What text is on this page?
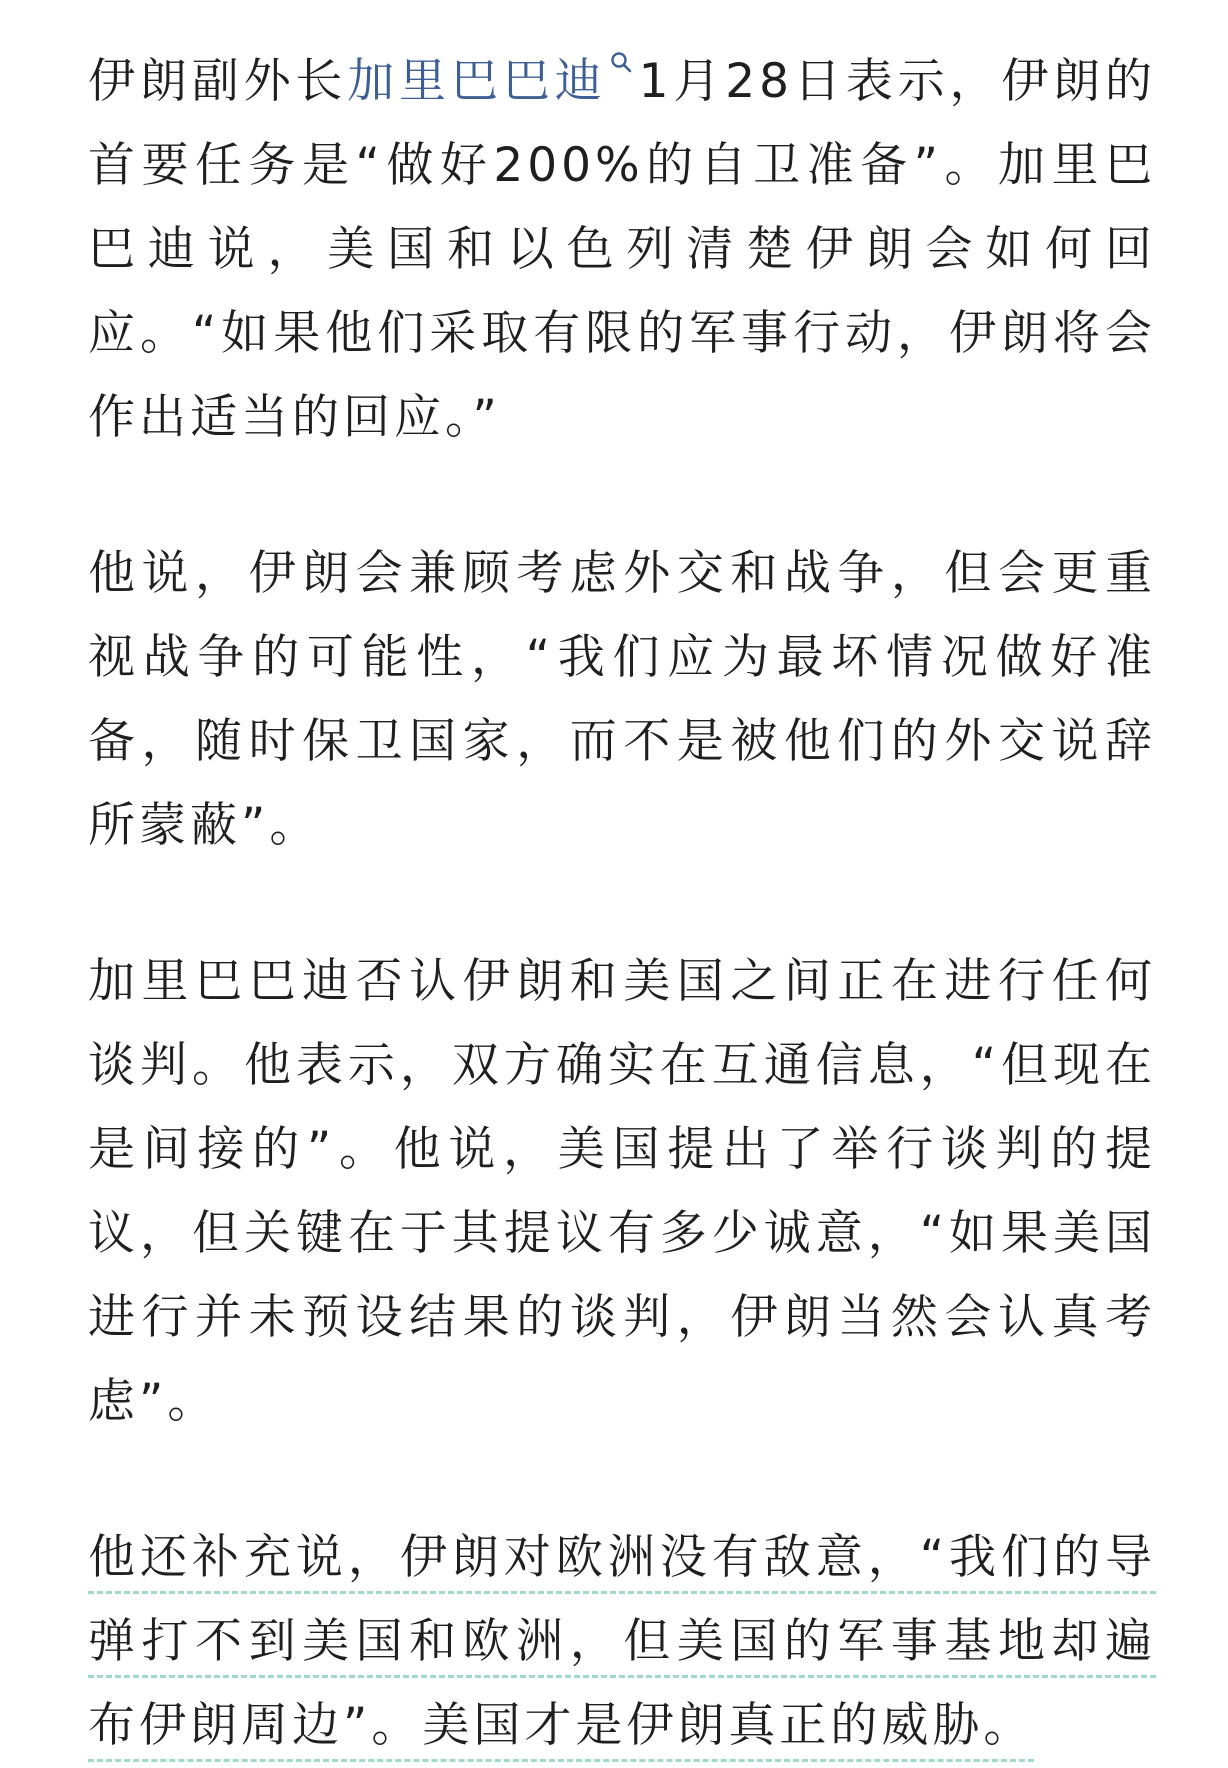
伊朗副外长加里巴巴迪 1月28日表示，伊朗的首要任务是“做好200%的自卫准备”。加里巴巴迪说，美国和以色列清楚伊朗会如何回应。“如果他们采取有限的军事行动，伊朗将会作出适当的回应。”

他说，伊朗会兼顾考虑外交和战争，但会更重视战争的可能性，“我们应为最坏情况做好准备，随时保卫国家，而不是被他们的外交说辞所蒙蔽”。

加里巴巴迪否认伊朗和美国之间正在进行任何谈判。他表示，双方确实在互通信息，“但现在是间接的”。他说，美国提出了举行谈判的提议，但关键在于其提议有多少诚意，“如果美国进行并未预设结果的谈判，伊朗当然会认真考虑”。

他还补充说，伊朗对欧洲没有敌意，“我们的导弹打不到美国和欧洲，但美国的军事基地却遍布伊朗周边”。美国才是伊朗真正的威胁。
